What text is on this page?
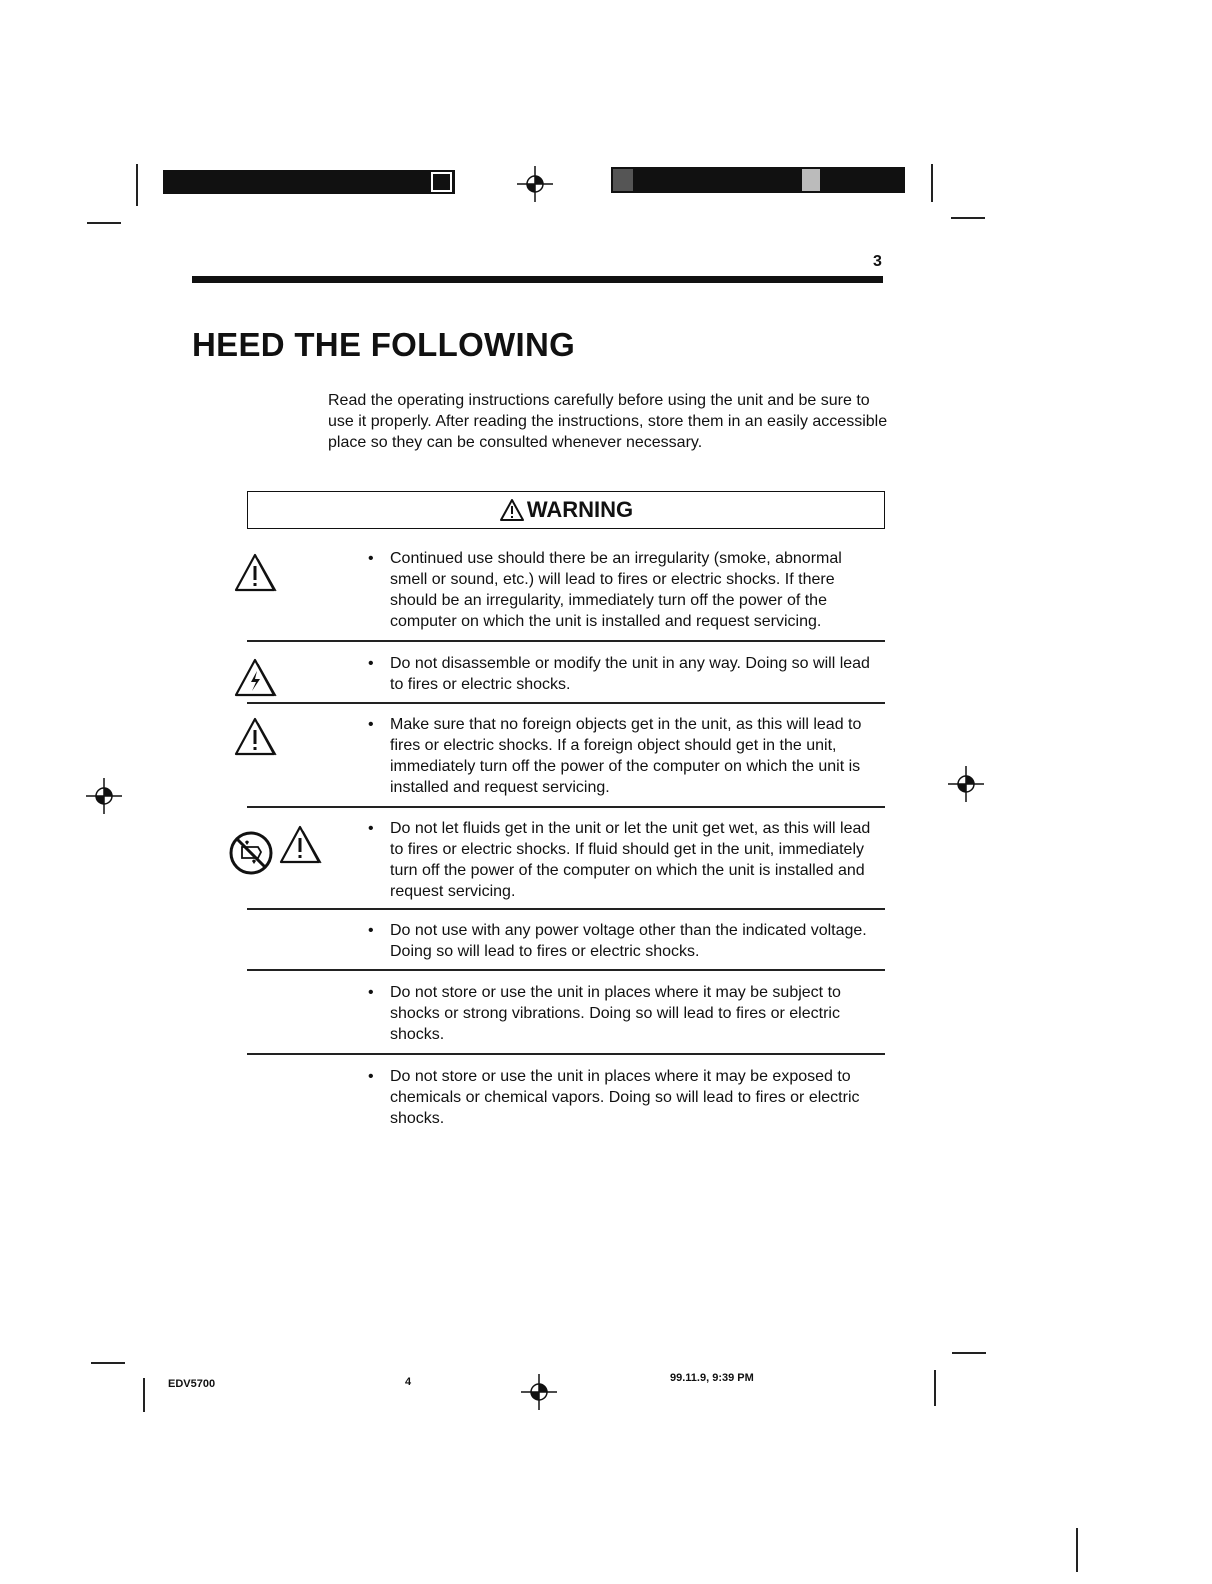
3
HEED THE FOLLOWING

Read the operating instructions carefully before using the unit and be sure to use it properly. After reading the instructions, store them in an easily accessible place so they can be consulted whenever necessary.

WARNING
• Continued use should there be an irregularity (smoke, abnormal smell or sound, etc.) will lead to fires or electric shocks. If there should be an irregularity, immediately turn off the power of the computer on which the unit is installed and request servicing.

• Do not disassemble or modify the unit in any way. Doing so will lead to fires or electric shocks.

• Make sure that no foreign objects get in the unit, as this will lead to fires or electric shocks. If a foreign object should get in the unit, immediately turn off the power of the computer on which the unit is installed and request servicing.

• Do not let fluids get in the unit or let the unit get wet, as this will lead to fires or electric shocks. If fluid should get in the unit, immediately turn off the power of the computer on which the unit is installed and request servicing.

• Do not use with any power voltage other than the indicated voltage. Doing so will lead to fires or electric shocks.

• Do not store or use the unit in places where it may be subject to shocks or strong vibrations. Doing so will lead to fires or electric shocks.

• Do not store or use the unit in places where it may be exposed to chemicals or chemical vapors. Doing so will lead to fires or electric shocks.

EDV5700	4	99.11.9, 9:39 PM
